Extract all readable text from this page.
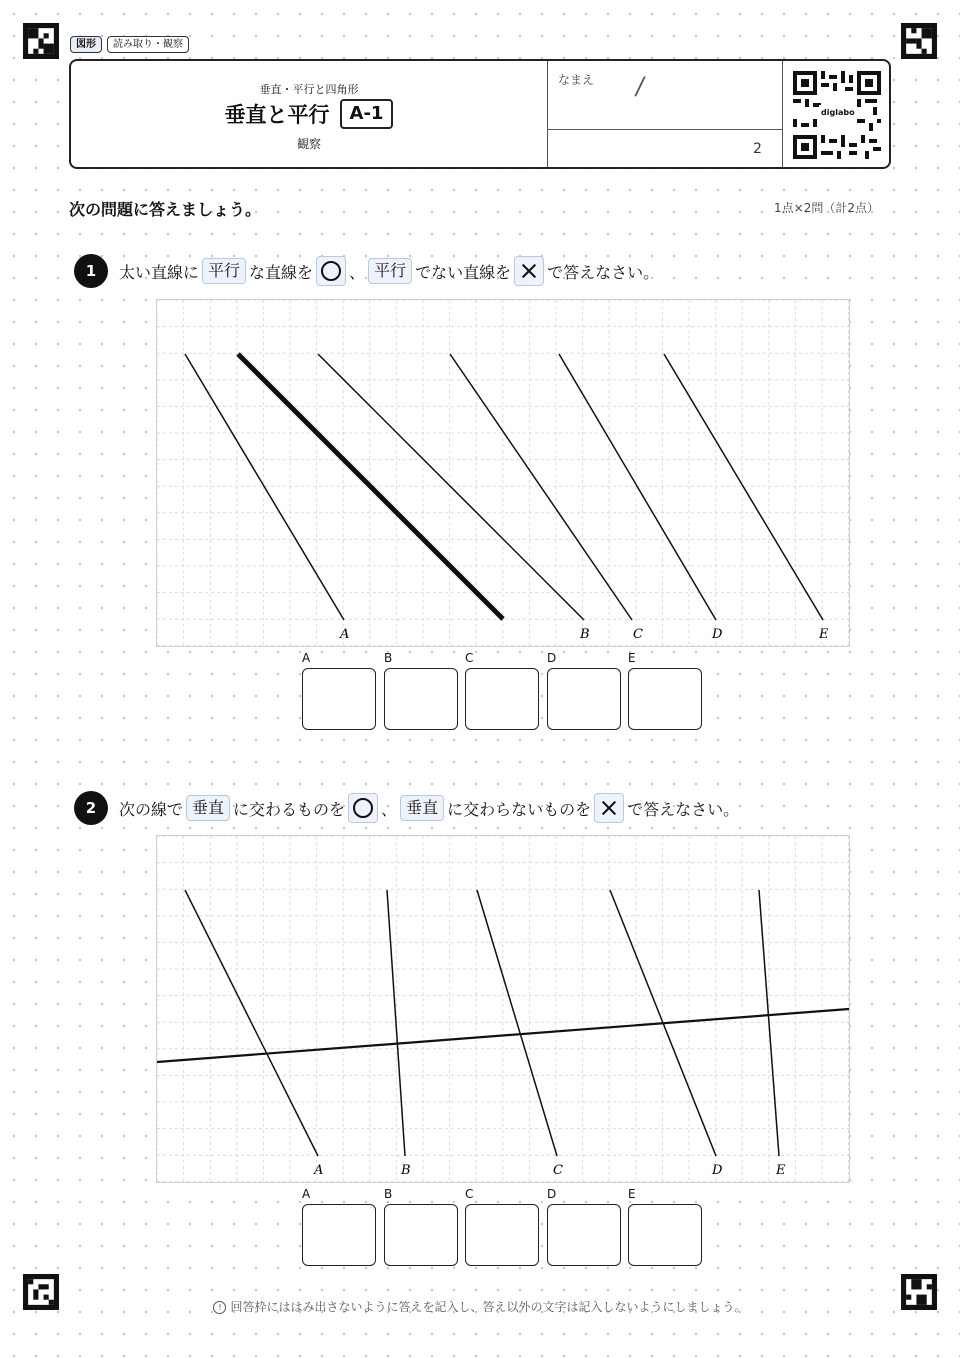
図形	読み取り・観察
垂直・平行と四角形
垂直と平行	A-1
観察
なまえ
diglabo
/
2
次の問題に答えましょう。	1点×2問（計2点）
1	太い直線に 平行 な直線を 、 平行 でない直線を で答えなさい。
A	B	C	D	E
A	B	C	D	E
2	次の線で 垂直 に交わるものを 、 垂直 に交わらないものを で答えなさい。
A	B	C	D	E
A	B	C	D	E
! 回答枠にははみ出さないように答えを記入し、答え以外の文字は記入しないようにしましょう。
